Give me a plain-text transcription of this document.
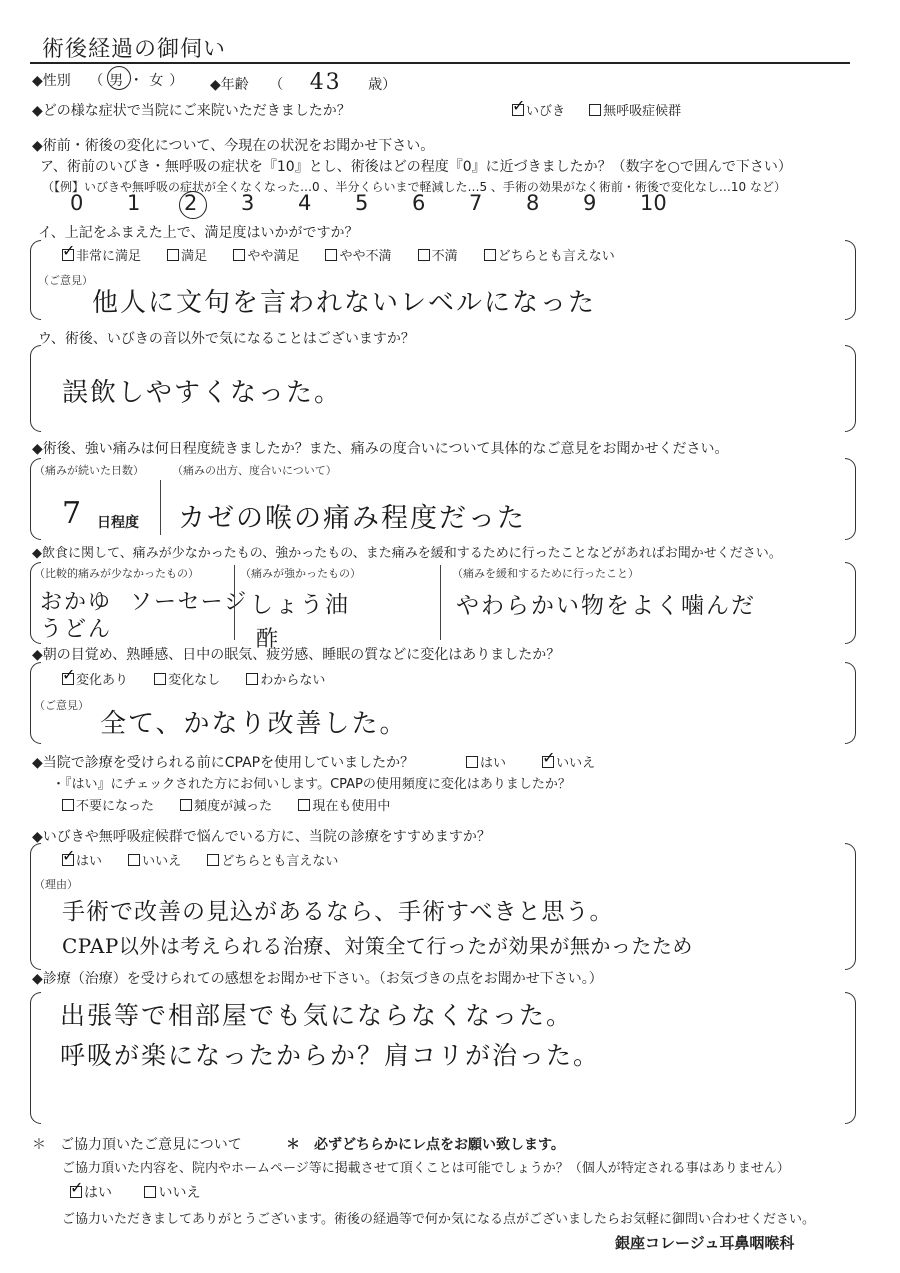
術後経過の御伺い
◆性別 （男・女） ◆年齢 （ 43 歳）
◆どの様な症状で当院にご来院いただきましたか？ ✓	いびき	無呼吸症候群
◆術前・術後の変化について、今現在の状況をお聞かせ下さい。
ア、術前のいびき・無呼吸の症状を『10』とし、術後はどの程度『0』に近づきましたか？（数字を○で囲んで下さい）
（【例】いびきや無呼吸の症状が全くなくなった…0 、半分くらいまで軽減した…5 、手術の効果がなく術前・術後で変化なし…10 など）
0 1 2 3 4 5 6 7 8 9 10
イ、上記をふまえた上で、満足度はいかがですか？
✓非常に満足	満足	やや満足	やや不満	不満	どちらとも言えない
（ご意見）
他人に文句を言われないレベルになった
ウ、術後、いびきの音以外で気になることはございますか？
誤飲しやすくなった。
◆術後、強い痛みは何日程度続きましたか？また、痛みの度合いについて具体的なご意見をお聞かせください。
（痛みが続いた日数）
7 日程度
（痛みの出方、度合いについて）
カゼの喉の痛み程度だった
◆飲食に関して、痛みが少なかったもの、強かったもの、また痛みを緩和するために行ったことなどがあればお聞かせください。
（比較的痛みが少なかったもの）
おかゆ ソーセージ
うどん
（痛みが強かったもの）
しょう油
酢
（痛みを緩和するために行ったこと）
やわらかい物をよく噛んだ
◆朝の目覚め、熟睡感、日中の眠気、疲労感、睡眠の質などに変化はありましたか？
✓変化あり	変化なし	わからない
（ご意見）
全て、かなり改善した。
◆当院で診療を受けられる前にCPAPを使用していましたか？	はい ✓	いいえ
・『はい』にチェックされた方にお伺いします。CPAPの使用頻度に変化はありましたか？
不要になった	頻度が減った	現在も使用中
◆いびきや無呼吸症候群で悩んでいる方に、当院の診療をすすめますか？
✓はい	いいえ	どちらとも言えない
（理由）
手術で改善の見込があるなら、手術すべきと思う。
CPAP以外は考えられる治療、対策全て行ったが効果が無かったため
◆診療（治療）を受けられての感想をお聞かせ下さい。（お気づきの点をお聞かせ下さい。）
出張等で相部屋でも気にならなくなった。
呼吸が楽になったからか？肩コリが治った。
＊　ご協力頂いたご意見について	＊　必ずどちらかにレ点をお願い致します。
ご協力頂いた内容を、院内やホームページ等に掲載させて頂くことは可能でしょうか？（個人が特定される事はありません）
✓はい	いいえ
ご協力いただきましてありがとうございます。術後の経過等で何か気になる点がございましたらお気軽に御問い合わせください。
銀座コレージュ耳鼻咽喉科
